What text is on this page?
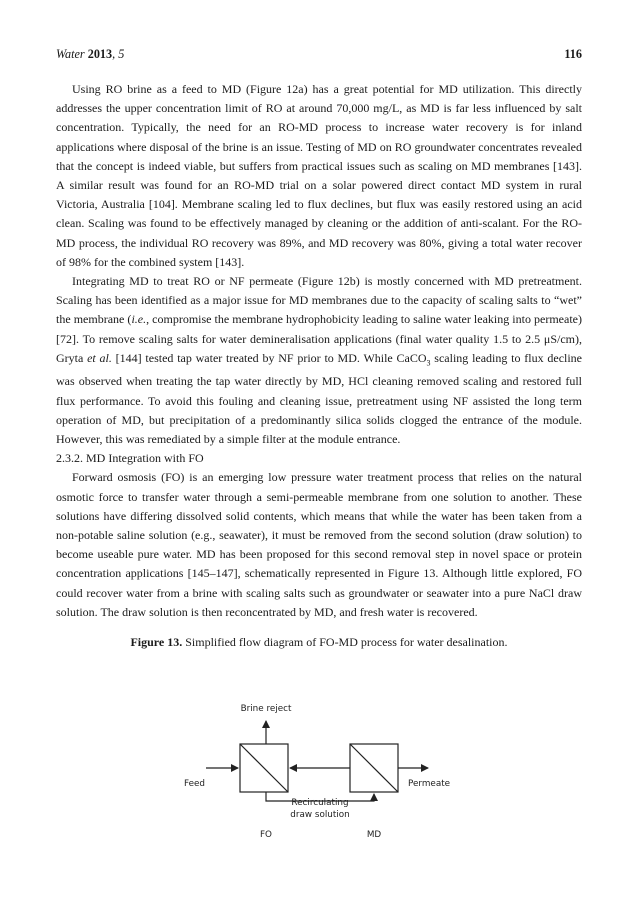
Water 2013, 5	116

Using RO brine as a feed to MD (Figure 12a) has a great potential for MD utilization. This directly addresses the upper concentration limit of RO at around 70,000 mg/L, as MD is far less influenced by salt concentration. Typically, the need for an RO-MD process to increase water recovery is for inland applications where disposal of the brine is an issue. Testing of MD on RO groundwater concentrates revealed that the concept is indeed viable, but suffers from practical issues such as scaling on MD membranes [143]. A similar result was found for an RO-MD trial on a solar powered direct contact MD system in rural Victoria, Australia [104]. Membrane scaling led to flux declines, but flux was easily restored using an acid clean. Scaling was found to be effectively managed by cleaning or the addition of anti-scalant. For the RO-MD process, the individual RO recovery was 89%, and MD recovery was 80%, giving a total water recover of 98% for the combined system [143].

Integrating MD to treat RO or NF permeate (Figure 12b) is mostly concerned with MD pretreatment. Scaling has been identified as a major issue for MD membranes due to the capacity of scaling salts to “wet” the membrane (i.e., compromise the membrane hydrophobicity leading to saline water leaking into permeate) [72]. To remove scaling salts for water demineralisation applications (final water quality 1.5 to 2.5 μS/cm), Gryta et al. [144] tested tap water treated by NF prior to MD. While CaCO$_3$ scaling leading to flux decline was observed when treating the tap water directly by MD, HCl cleaning removed scaling and restored full flux performance. To avoid this fouling and cleaning issue, pretreatment using NF assisted the long term operation of MD, but precipitation of a predominantly silica solids clogged the entrance of the module. However, this was remediated by a simple filter at the module entrance.

2.3.2. MD Integration with FO

Forward osmosis (FO) is an emerging low pressure water treatment process that relies on the natural osmotic force to transfer water through a semi-permeable membrane from one solution to another. These solutions have differing dissolved solid contents, which means that while the water has been taken from a non-potable saline solution (e.g., seawater), it must be removed from the second solution (draw solution) to become useable pure water. MD has been proposed for this second removal step in novel space or protein concentration applications [145–147], schematically represented in Figure 13. Although little explored, FO could recover water from a brine with scaling salts such as groundwater or seawater into a pure NaCl draw solution. The draw solution is then reconcentrated by MD, and fresh water is recovered.

Figure 13. Simplified flow diagram of FO-MD process for water desalination.
Brine reject
Feed	Permeate
Recirculating
draw solution
FO	MD
